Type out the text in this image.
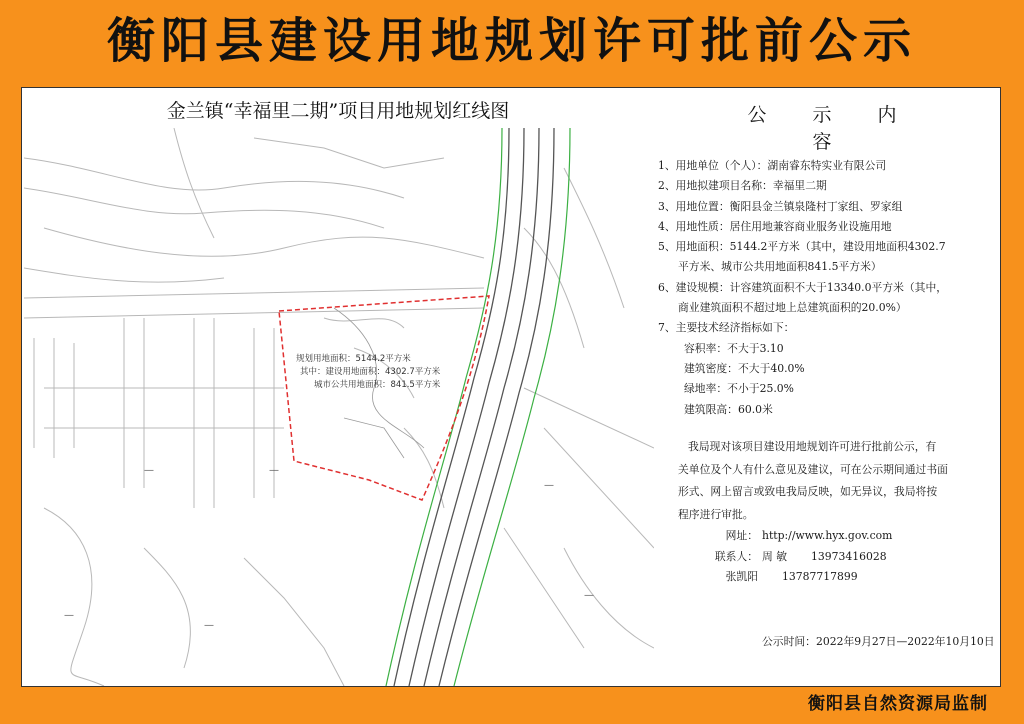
衡阳县建设用地规划许可批前公示
金兰镇“幸福里二期”项目用地规划红线图
—	—
—
—
—
—
规划用地面积：5144.2平方米
其中：建设用地面积：4302.7平方米
城市公共用地面积：841.5平方米
公 示 内 容
1、用地单位（个人）：湖南睿东特实业有限公司
2、用地拟建项目名称：幸福里二期
3、用地位置：衡阳县金兰镇泉隆村丁家组、罗家组
4、用地性质：居住用地兼容商业服务业设施用地
5、用地面积：5144.2平方米（其中，建设用地面积4302.7
平方米、城市公共用地面积841.5平方米）
6、建设规模：计容建筑面积不大于13340.0平方米（其中，
商业建筑面积不超过地上总建筑面积的20.0%）
7、主要技术经济指标如下：
容积率：不大于3.10
建筑密度：不大于40.0%
绿地率：不小于25.0%
建筑限高：60.0米
我局现对该项目建设用地规划许可进行批前公示，有
关单位及个人有什么意见及建议，可在公示期间通过书面
形式、网上留言或致电我局反映，如无异议，我局将按
程序进行审批。
网址： http://www.hyx.gov.com
联系人： 周 敏 13973416028
张凯阳 13787717899
公示时间：2022年9月27日—2022年10月10日
衡阳县自然资源局监制
